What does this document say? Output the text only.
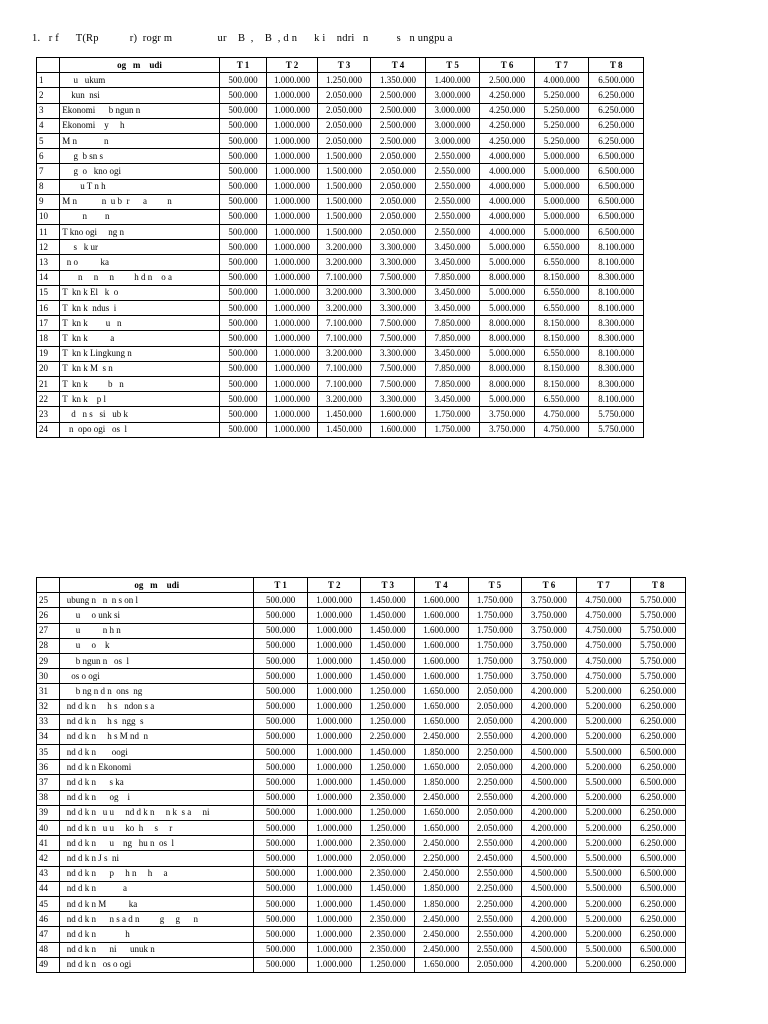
1.   r f      T(Rp           r)  rogr m                ur    B  ,    B  , d n      k i    ndri   n          s   n ungpu a
	og   m    udi	T 1	T 2	T 3	T 4	T 5	T 6	T 7	T 8
1	u   ukum	500.000	1.000.000	1.250.000	1.350.000	1.400.000	2.500.000	4.000.000	6.500.000
2	kun  nsi	500.000	1.000.000	2.050.000	2.500.000	3.000.000	4.250.000	5.250.000	6.250.000
3	Ekonomi      b ngun n	500.000	1.000.000	2.050.000	2.500.000	3.000.000	4.250.000	5.250.000	6.250.000
4	Ekonomi    y     h	500.000	1.000.000	2.050.000	2.500.000	3.000.000	4.250.000	5.250.000	6.250.000
5	M n            n	500.000	1.000.000	2.050.000	2.500.000	3.000.000	4.250.000	5.250.000	6.250.000
6	g  b sn s	500.000	1.000.000	1.500.000	2.050.000	2.550.000	4.000.000	5.000.000	6.500.000
7	g  o   kno ogi	500.000	1.000.000	1.500.000	2.050.000	2.550.000	4.000.000	5.000.000	6.500.000
8	u T n h	500.000	1.000.000	1.500.000	2.050.000	2.550.000	4.000.000	5.000.000	6.500.000
9	M n           n  u b  r      a         n	500.000	1.000.000	1.500.000	2.050.000	2.550.000	4.000.000	5.000.000	6.500.000
10	n        n	500.000	1.000.000	1.500.000	2.050.000	2.550.000	4.000.000	5.000.000	6.500.000
11	T kno ogi     ng n	500.000	1.000.000	1.500.000	2.050.000	2.550.000	4.000.000	5.000.000	6.500.000
12	s   k ur	500.000	1.000.000	3.200.000	3.300.000	3.450.000	5.000.000	6.550.000	8.100.000
13	n o          ka	500.000	1.000.000	3.200.000	3.300.000	3.450.000	5.000.000	6.550.000	8.100.000
14	n     n     n         h d n    o a	500.000	1.000.000	7.100.000	7.500.000	7.850.000	8.000.000	8.150.000	8.300.000
15	T  kn k El   k  o	500.000	1.000.000	3.200.000	3.300.000	3.450.000	5.000.000	6.550.000	8.100.000
16	T  kn k  ndus  i	500.000	1.000.000	3.200.000	3.300.000	3.450.000	5.000.000	6.550.000	8.100.000
17	T  kn k        u   n	500.000	1.000.000	7.100.000	7.500.000	7.850.000	8.000.000	8.150.000	8.300.000
18	T  kn k          a	500.000	1.000.000	7.100.000	7.500.000	7.850.000	8.000.000	8.150.000	8.300.000
19	T  kn k Lingkung n	500.000	1.000.000	3.200.000	3.300.000	3.450.000	5.000.000	6.550.000	8.100.000
20	T  kn k M  s n	500.000	1.000.000	7.100.000	7.500.000	7.850.000	8.000.000	8.150.000	8.300.000
21	T  kn k         b   n	500.000	1.000.000	7.100.000	7.500.000	7.850.000	8.000.000	8.150.000	8.300.000
22	T  kn k    p l	500.000	1.000.000	3.200.000	3.300.000	3.450.000	5.000.000	6.550.000	8.100.000
23	d   n s   si   ub k	500.000	1.000.000	1.450.000	1.600.000	1.750.000	3.750.000	4.750.000	5.750.000
24	n  opo ogi   os  l	500.000	1.000.000	1.450.000	1.600.000	1.750.000	3.750.000	4.750.000	5.750.000
	og   m    udi	T 1	T 2	T 3	T 4	T 5	T 6	T 7	T 8
25	ubung n   n  n s on l	500.000	1.000.000	1.450.000	1.600.000	1.750.000	3.750.000	4.750.000	5.750.000
26	u     o unk si	500.000	1.000.000	1.450.000	1.600.000	1.750.000	3.750.000	4.750.000	5.750.000
27	u          n h n	500.000	1.000.000	1.450.000	1.600.000	1.750.000	3.750.000	4.750.000	5.750.000
28	u     o    k	500.000	1.000.000	1.450.000	1.600.000	1.750.000	3.750.000	4.750.000	5.750.000
29	b ngun n   os  l	500.000	1.000.000	1.450.000	1.600.000	1.750.000	3.750.000	4.750.000	5.750.000
30	os o ogi	500.000	1.000.000	1.450.000	1.600.000	1.750.000	3.750.000	4.750.000	5.750.000
31	b ng n d n  ons  ng	500.000	1.000.000	1.250.000	1.650.000	2.050.000	4.200.000	5.200.000	6.250.000
32	nd d k n     h s   ndon s a	500.000	1.000.000	1.250.000	1.650.000	2.050.000	4.200.000	5.200.000	6.250.000
33	nd d k n     h s  ngg  s	500.000	1.000.000	1.250.000	1.650.000	2.050.000	4.200.000	5.200.000	6.250.000
34	nd d k n     h s M nd  n	500.000	1.000.000	2.250.000	2.450.000	2.550.000	4.200.000	5.200.000	6.250.000
35	nd d k n       oogi	500.000	1.000.000	1.450.000	1.850.000	2.250.000	4.500.000	5.500.000	6.500.000
36	nd d k n Ekonomi	500.000	1.000.000	1.250.000	1.650.000	2.050.000	4.200.000	5.200.000	6.250.000
37	nd d k n      s ka	500.000	1.000.000	1.450.000	1.850.000	2.250.000	4.500.000	5.500.000	6.500.000
38	nd d k n      og    i	500.000	1.000.000	2.350.000	2.450.000	2.550.000	4.200.000	5.200.000	6.250.000
39	nd d k n   u u     nd d k n     n k  s a     ni	500.000	1.000.000	1.250.000	1.650.000	2.050.000	4.200.000	5.200.000	6.250.000
40	nd d k n   u u     ko  h     s     r	500.000	1.000.000	1.250.000	1.650.000	2.050.000	4.200.000	5.200.000	6.250.000
41	nd d k n      u    ng   hu n  os  l	500.000	1.000.000	2.350.000	2.450.000	2.550.000	4.200.000	5.200.000	6.250.000
42	nd d k n J s  ni	500.000	1.000.000	2.050.000	2.250.000	2.450.000	4.500.000	5.500.000	6.500.000
43	nd d k n      p     h n     h     a	500.000	1.000.000	2.350.000	2.450.000	2.550.000	4.500.000	5.500.000	6.500.000
44	nd d k n            a	500.000	1.000.000	1.450.000	1.850.000	2.250.000	4.500.000	5.500.000	6.500.000
45	nd d k n M          ka	500.000	1.000.000	1.450.000	1.850.000	2.250.000	4.200.000	5.200.000	6.250.000
46	nd d k n      n s a d n         g     g      n	500.000	1.000.000	2.350.000	2.450.000	2.550.000	4.200.000	5.200.000	6.250.000
47	nd d k n             h	500.000	1.000.000	2.350.000	2.450.000	2.550.000	4.200.000	5.200.000	6.250.000
48	nd d k n      ni      unuk n	500.000	1.000.000	2.350.000	2.450.000	2.550.000	4.500.000	5.500.000	6.500.000
49	nd d k n   os o ogi	500.000	1.000.000	1.250.000	1.650.000	2.050.000	4.200.000	5.200.000	6.250.000
